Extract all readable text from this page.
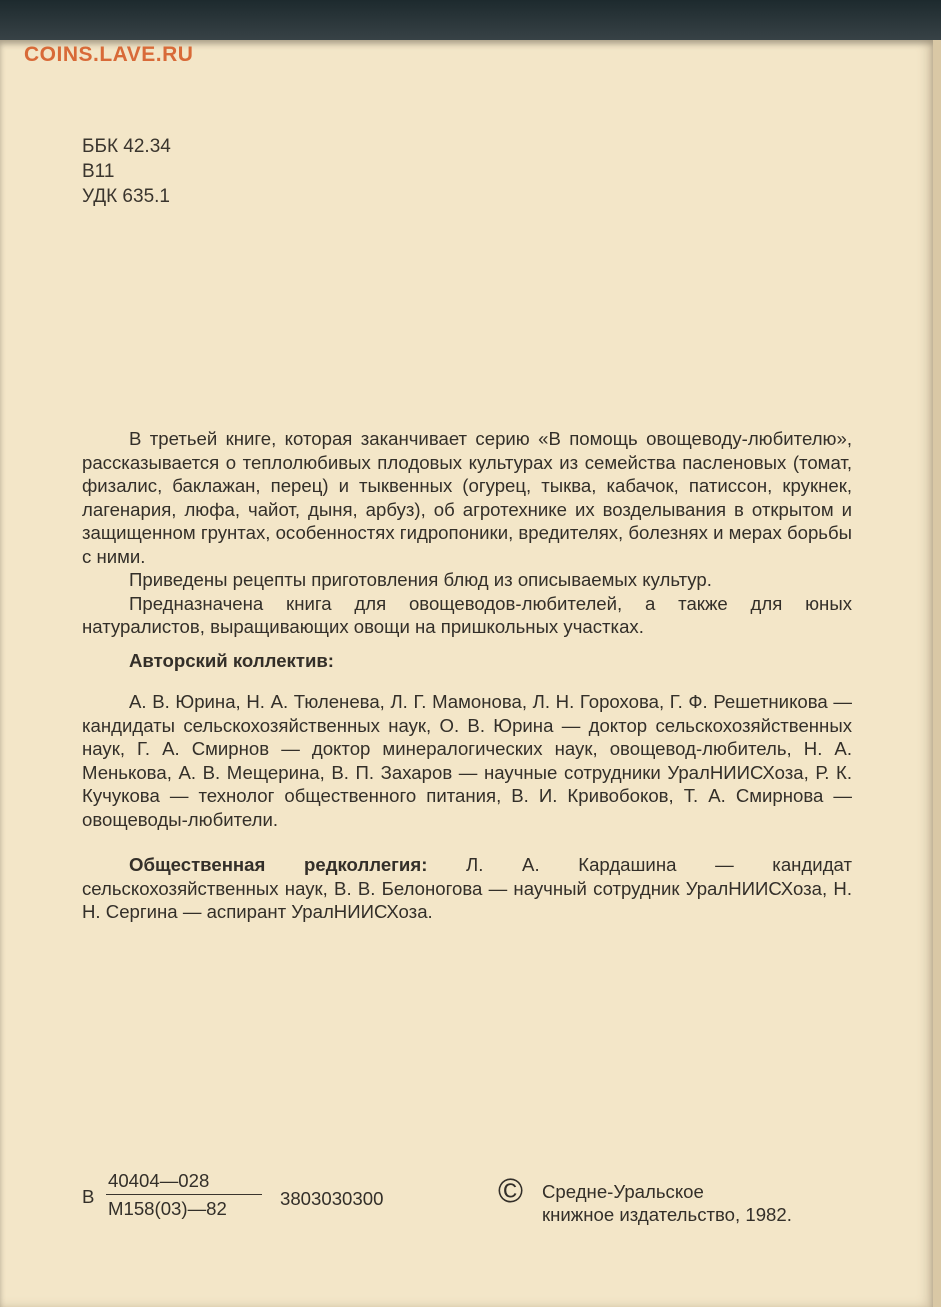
COINS.LAVE.RU
ББК 42.34
В11
УДК 635.1

В третьей книге, которая заканчивает серию «В помощь овощеводу-любителю», рассказывается о теплолюбивых плодовых культурах из семейства пасленовых (томат, физалис, баклажан, перец) и тыквенных (огурец, тыква, кабачок, патиссон, крукнек, лагенария, люфа, чайот, дыня, арбуз), об агротехнике их возделывания в открытом и защищенном грунтах, особенностях гидропоники, вредителях, болезнях и мерах борьбы с ними.

Приведены рецепты приготовления блюд из описываемых культур.

Предназначена книга для овощеводов-любителей, а также для юных натуралистов, выращивающих овощи на пришкольных участках.

Авторский коллектив:

А. В. Юрина, Н. А. Тюленева, Л. Г. Мамонова, Л. Н. Горохова, Г. Ф. Решетникова — кандидаты сельскохозяйственных наук, О. В. Юрина — доктор сельскохозяйственных наук, Г. А. Смирнов — доктор минералогических наук, овощевод-любитель, Н. А. Менькова, А. В. Мещерина, В. П. Захаров — научные сотрудники УралНИИСХоза, Р. К. Кучукова — технолог общественного питания, В. И. Кривобоков, Т. А. Смирнова — овощеводы-любители.

Общественная редколлегия: Л. А. Кардашина — кандидат сельскохозяйственных наук, В. В. Белоногова — научный сотрудник УралНИИСХоза, Н. Н. Сергина — аспирант УралНИИСХоза.

В
40404—028
М158(03)—82	3803030300	© Средне-Уральское
книжное издательство, 1982.
